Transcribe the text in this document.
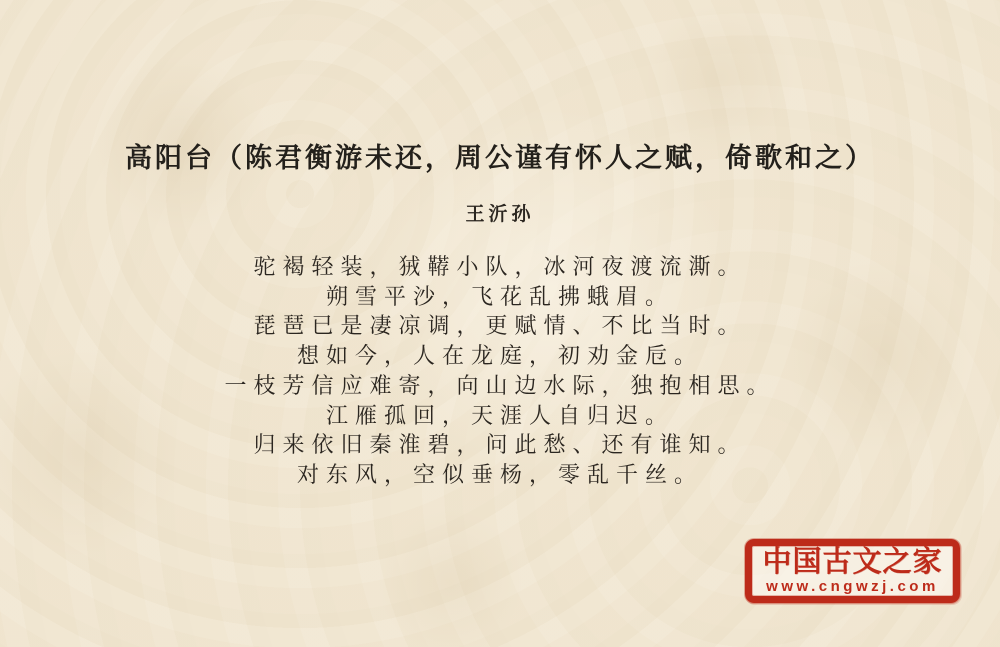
高阳台（陈君衡游未还，周公谨有怀人之赋，倚歌和之）
王沂孙
驼褐轻装，狨鞯小队，冰河夜渡流澌。
朔雪平沙，飞花乱拂蛾眉。
琵琶已是凄凉调，更赋情、不比当时。
想如今，人在龙庭，初劝金卮。
一枝芳信应难寄，向山边水际，独抱相思。
江雁孤回，天涯人自归迟。
归来依旧秦淮碧，问此愁、还有谁知。
对东风，空似垂杨，零乱千丝。
中国古文之家
www.cngwzj.com
